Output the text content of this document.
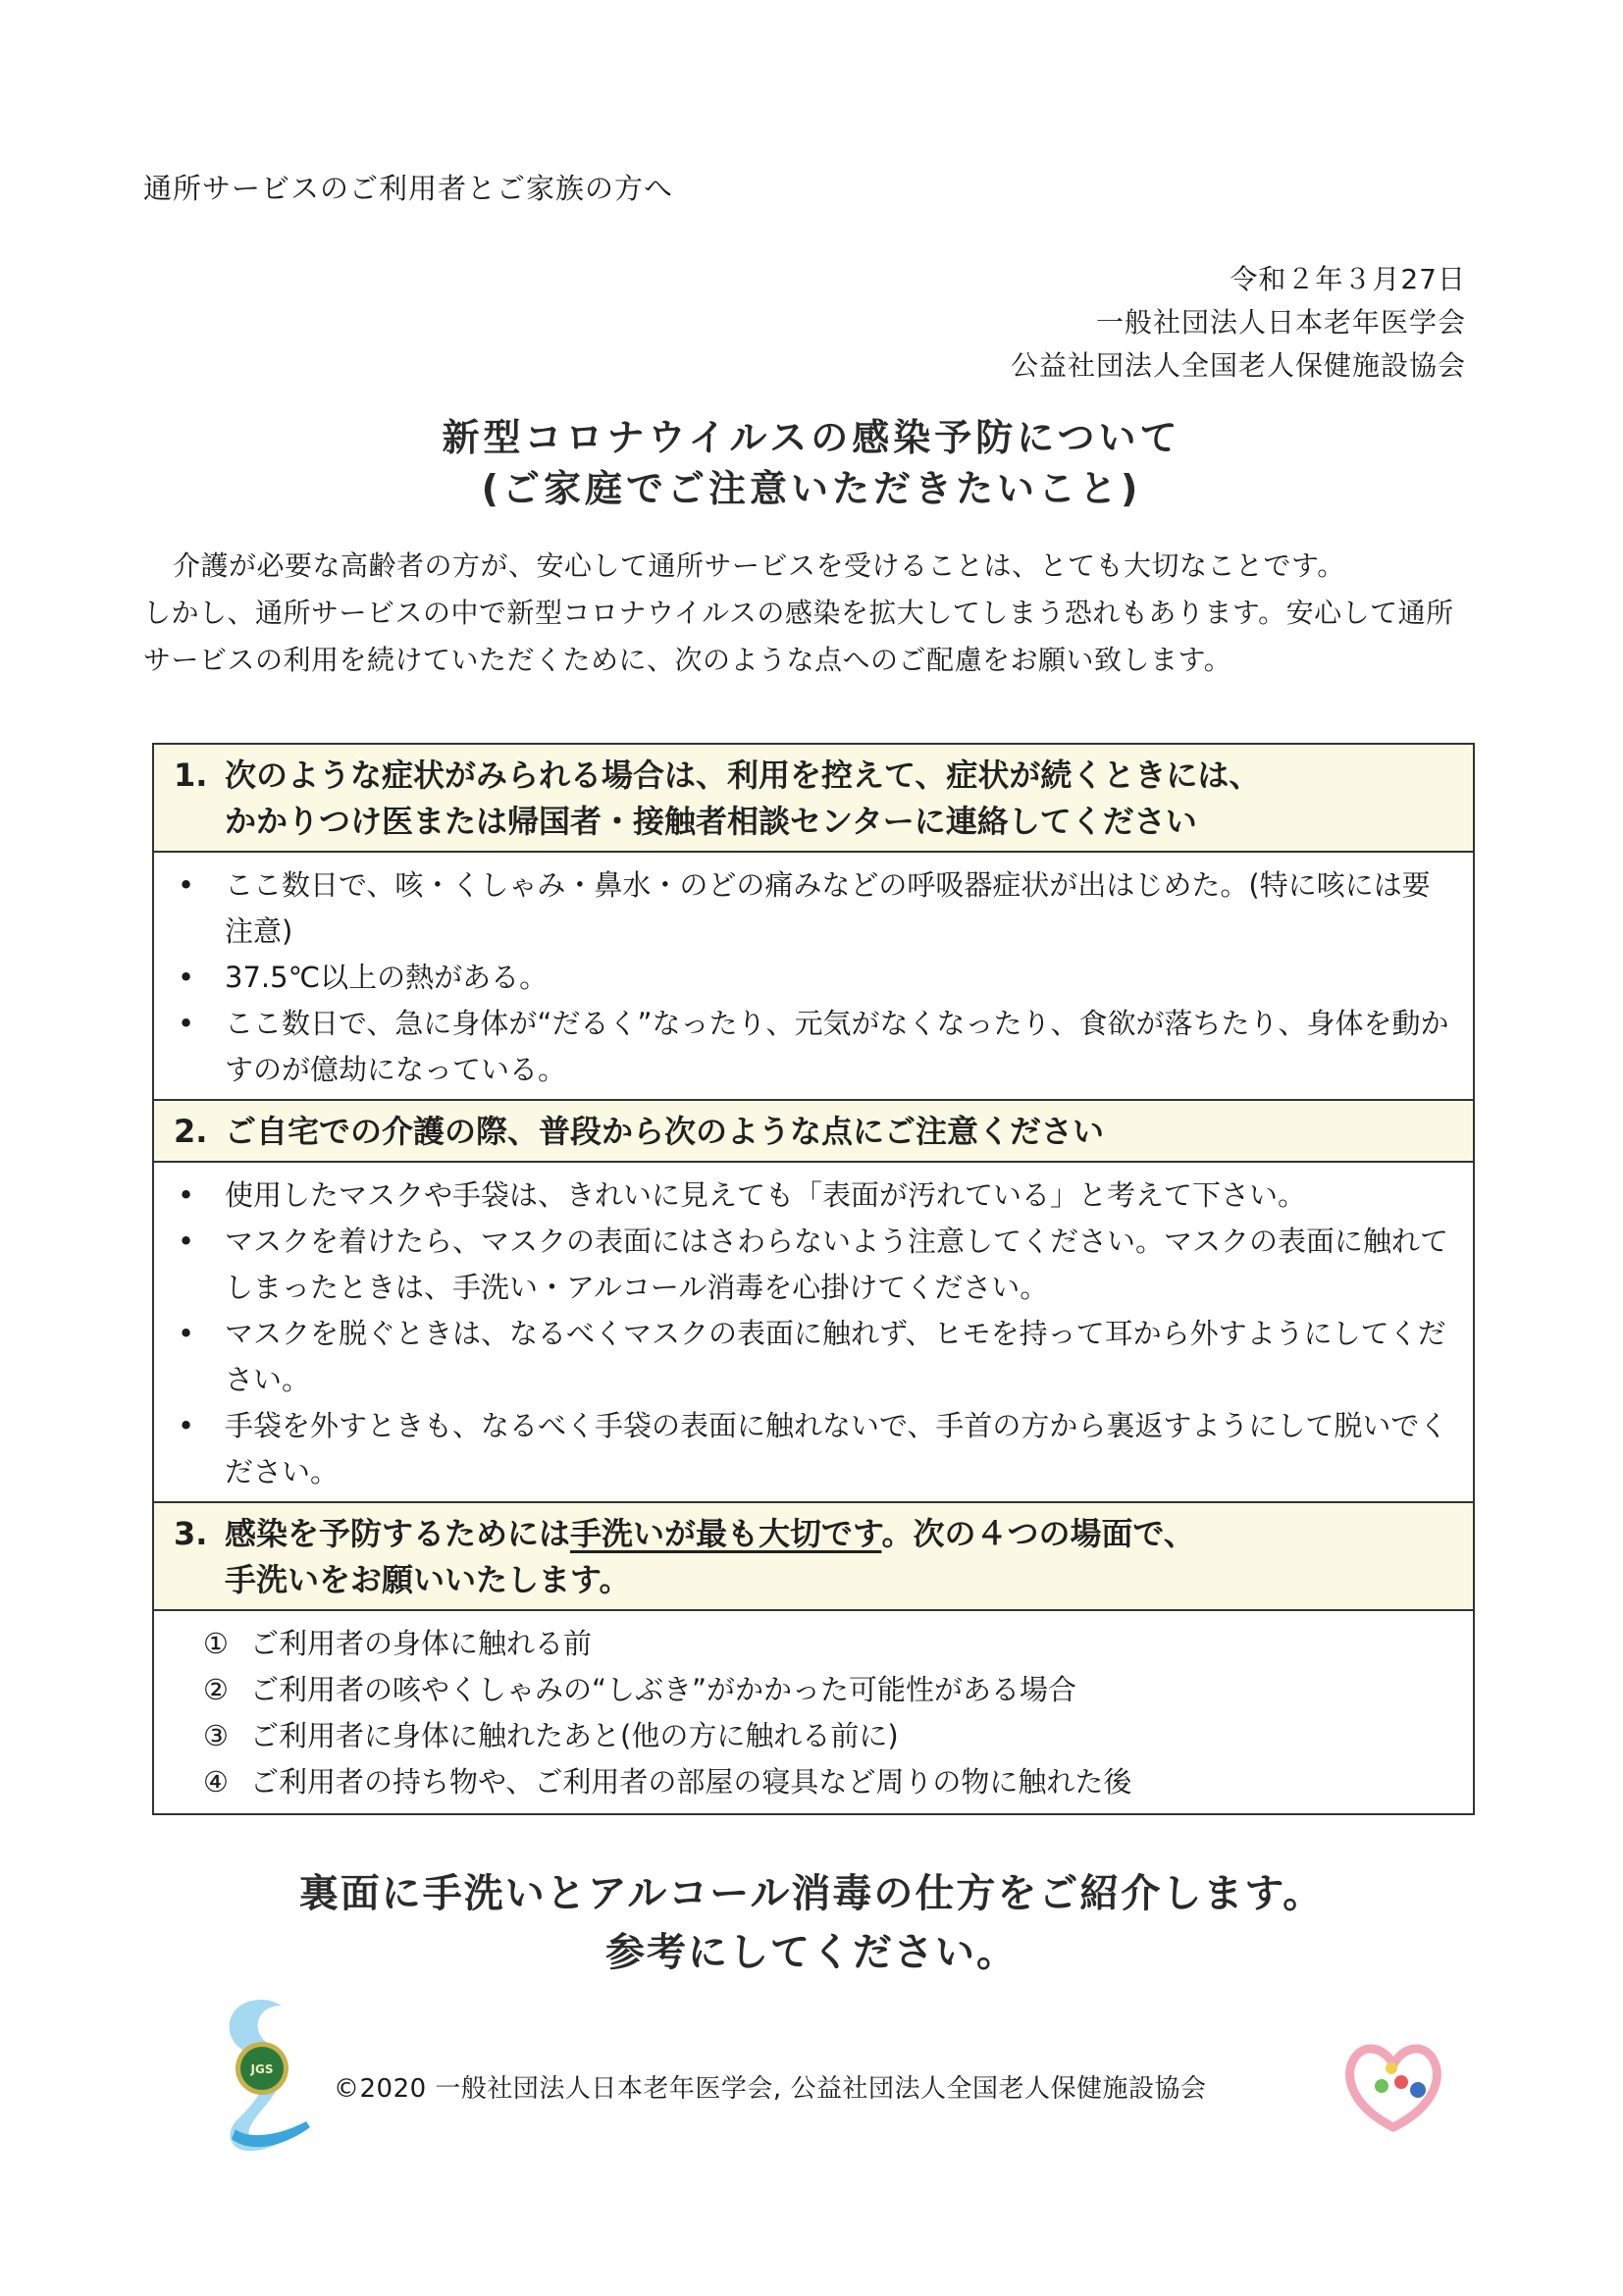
通所サービスのご利用者とご家族の方へ
令和２年３月27日
一般社団法人日本老年医学会
公益社団法人全国老人保健施設協会
新型コロナウイルスの感染予防について
(ご家庭でご注意いただきたいこと)

介護が必要な高齢者の方が、安心して通所サービスを受けることは、とても大切なことです。

しかし、通所サービスの中で新型コロナウイルスの感染を拡大してしまう恐れもあります。安心して通所サービスの利用を続けていただくために、次のような点へのご配慮をお願い致します。

1. 次のような症状がみられる場合は、利用を控えて、症状が続くときには、
かかりつけ医または帰国者・接触者相談センターに連絡してください
•	ここ数日で、咳・くしゃみ・鼻水・のどの痛みなどの呼吸器症状が出はじめた。(特に咳には要注意)
•	37.5℃以上の熱がある。
•	ここ数日で、急に身体が“だるく”なったり、元気がなくなったり、食欲が落ちたり、身体を動かすのが億劫になっている。
2. ご自宅での介護の際、普段から次のような点にご注意ください
•	使用したマスクや手袋は、きれいに見えても「表面が汚れている」と考えて下さい。
•	マスクを着けたら、マスクの表面にはさわらないよう注意してください。マスクの表面に触れてしまったときは、手洗い・アルコール消毒を心掛けてください。
•	マスクを脱ぐときは、なるべくマスクの表面に触れず、ヒモを持って耳から外すようにしてください。
•	手袋を外すときも、なるべく手袋の表面に触れないで、手首の方から裏返すようにして脱いでください。
3. 感染を予防するためには手洗いが最も大切です。次の４つの場面で、
手洗いをお願いいたします。
① ご利用者の身体に触れる前
② ご利用者の咳やくしゃみの“しぶき”がかかった可能性がある場合
③ ご利用者に身体に触れたあと(他の方に触れる前に)
④ ご利用者の持ち物や、ご利用者の部屋の寝具など周りの物に触れた後
裏面に手洗いとアルコール消毒の仕方をご紹介します。
参考にしてください。
JGS
©2020 一般社団法人日本老年医学会, 公益社団法人全国老人保健施設協会
